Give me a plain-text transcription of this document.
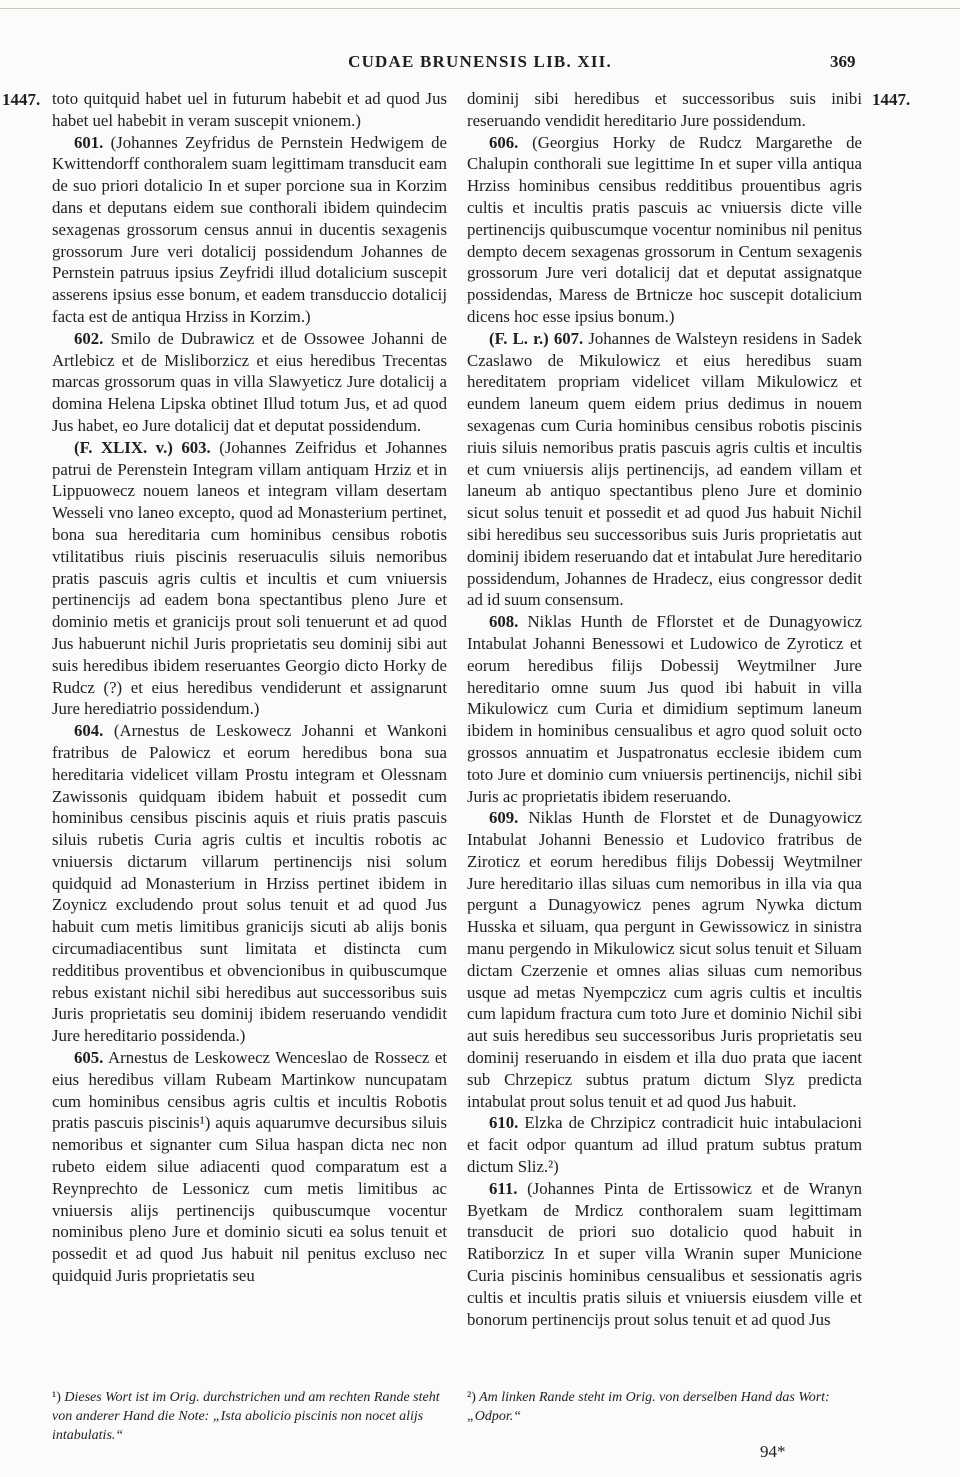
CUDAE BRUNENSIS LIB. XII.	369
1447.	1447.

toto quitquid habet uel in futurum habebit et ad quod Jus habet uel habebit in veram suscepit vnionem.)

601. (Johannes Zeyfridus de Pernstein Hedwigem de Kwittendorff conthoralem suam legittimam transducit eam de suo priori dotalicio In et super porcione sua in Korzim dans et deputans eidem sue conthorali ibidem quindecim sexagenas grossorum census annui in ducentis sexagenis grossorum Jure veri dotalicij possidendum Johannes de Pernstein patruus ipsius Zeyfridi illud dotalicium suscepit asserens ipsius esse bonum, et eadem transduccio dotalicij facta est de antiqua Hrziss in Korzim.)

602. Smilo de Dubrawicz et de Ossowee Johanni de Artlebicz et de Misliborzicz et eius heredibus Trecentas marcas grossorum quas in villa Slawyeticz Jure dotalicij a domina Helena Lipska obtinet Illud totum Jus, et ad quod Jus habet, eo Jure dotalicij dat et deputat possidendum.

(F. XLIX. v.) 603. (Johannes Zeifridus et Johannes patrui de Perenstein Integram villam antiquam Hrziz et in Lippuowecz nouem laneos et integram villam desertam Wesseli vno laneo excepto, quod ad Monasterium pertinet, bona sua hereditaria cum hominibus censibus robotis vtilitatibus riuis piscinis reseruaculis siluis nemoribus pratis pascuis agris cultis et incultis et cum vniuersis pertinencijs ad eadem bona spectantibus pleno Jure et dominio metis et granicijs prout soli tenuerunt et ad quod Jus habuerunt nichil Juris proprietatis seu dominij sibi aut suis heredibus ibidem reseruantes Georgio dicto Horky de Rudcz (?) et eius heredibus vendiderunt et assignarunt Jure herediatrio possidendum.)

604. (Arnestus de Leskowecz Johanni et Wankoni fratribus de Palowicz et eorum heredibus bona sua hereditaria videlicet villam Prostu integram et Olessnam Zawissonis quidquam ibidem habuit et possedit cum hominibus censibus piscinis aquis et riuis pratis pascuis siluis rubetis Curia agris cultis et incultis robotis ac vniuersis dictarum villarum pertinencijs nisi solum quidquid ad Monasterium in Hrziss pertinet ibidem in Zoynicz excludendo prout solus tenuit et ad quod Jus habuit cum metis limitibus granicijs sicuti ab alijs bonis circumadiacentibus sunt limitata et distincta cum redditibus proventibus et obvencionibus in quibuscumque rebus existant nichil sibi heredibus aut successoribus suis Juris proprietatis seu dominij ibidem reseruando vendidit Jure hereditario possidenda.)

605. Arnestus de Leskowecz Wenceslao de Rossecz et eius heredibus villam Rubeam Martinkow nuncupatam cum hominibus censibus agris cultis et incultis Robotis pratis pascuis piscinis¹) aquis aquarumve decursibus siluis nemoribus et signanter cum Silua haspan dicta nec non rubeto eidem silue adiacenti quod comparatum est a Reynprechto de Lessonicz cum metis limitibus ac vniuersis alijs pertinencijs quibuscumque vocentur nominibus pleno Jure et dominio sicuti ea solus tenuit et possedit et ad quod Jus habuit nil penitus excluso nec quidquid Juris proprietatis seu

dominij sibi heredibus et successoribus suis inibi reseruando vendidit hereditario Jure possidendum.

606. (Georgius Horky de Rudcz Margarethe de Chalupin conthorali sue legittime In et super villa antiqua Hrziss hominibus censibus redditibus prouentibus agris cultis et incultis pratis pascuis ac vniuersis dicte ville pertinencijs quibuscumque vocentur nominibus nil penitus dempto decem sexagenas grossorum in Centum sexagenis grossorum Jure veri dotalicij dat et deputat assignatque possidendas, Maress de Brtnicze hoc suscepit dotalicium dicens hoc esse ipsius bonum.)

(F. L. r.) 607. Johannes de Walsteyn residens in Sadek Czaslawo de Mikulowicz et eius heredibus suam hereditatem propriam videlicet villam Mikulowicz et eundem laneum quem eidem prius dedimus in nouem sexagenas cum Curia hominibus censibus robotis piscinis riuis siluis nemoribus pratis pascuis agris cultis et incultis et cum vniuersis alijs pertinencijs, ad eandem villam et laneum ab antiquo spectantibus pleno Jure et dominio sicut solus tenuit et possedit et ad quod Jus habuit Nichil sibi heredibus seu successoribus suis Juris proprietatis aut dominij ibidem reseruando dat et intabulat Jure hereditario possidendum, Johannes de Hradecz, eius congressor dedit ad id suum consensum.

608. Niklas Hunth de Fflorstet et de Dunagyowicz Intabulat Johanni Benessowi et Ludowico de Zyroticz et eorum heredibus filijs Dobessij Weytmilner Jure hereditario omne suum Jus quod ibi habuit in villa Mikulowicz cum Curia et dimidium septimum laneum ibidem in hominibus censualibus et agro quod soluit octo grossos annuatim et Juspatronatus ecclesie ibidem cum toto Jure et dominio cum vniuersis pertinencijs, nichil sibi Juris ac proprietatis ibidem reseruando.

609. Niklas Hunth de Florstet et de Dunagyowicz Intabulat Johanni Benessio et Ludovico fratribus de Ziroticz et eorum heredibus filijs Dobessij Weytmilner Jure hereditario illas siluas cum nemoribus in illa via qua pergunt a Dunagyowicz penes agrum Nywka dictum Husska et siluam, qua pergunt in Gewissowicz in sinistra manu pergendo in Mikulowicz sicut solus tenuit et Siluam dictam Czerzenie et omnes alias siluas cum nemoribus usque ad metas Nyempczicz cum agris cultis et incultis cum lapidum fractura cum toto Jure et dominio Nichil sibi aut suis heredibus seu successoribus Juris proprietatis seu dominij reseruando in eisdem et illa duo prata que iacent sub Chrzepicz subtus pratum dictum Slyz predicta intabulat prout solus tenuit et ad quod Jus habuit.

610. Elzka de Chrzipicz contradicit huic intabulacioni et facit odpor quantum ad illud pratum subtus pratum dictum Sliz.²)

611. (Johannes Pinta de Ertissowicz et de Wranyn Byetkam de Mrdicz conthoralem suam legittimam transducit de priori suo dotalicio quod habuit in Ratiborzicz In et super villa Wranin super Municione Curia piscinis hominibus censualibus et sessionatis agris cultis et incultis pratis siluis et vniuersis eiusdem ville et bonorum pertinencijs prout solus tenuit et ad quod Jus

¹) Dieses Wort ist im Orig. durchstrichen und am rechten Rande steht von anderer Hand die Note: „Ista abolicio piscinis non nocet alijs intabulatis.“
²) Am linken Rande steht im Orig. von derselben Hand das Wort: „Odpor.“
94*
